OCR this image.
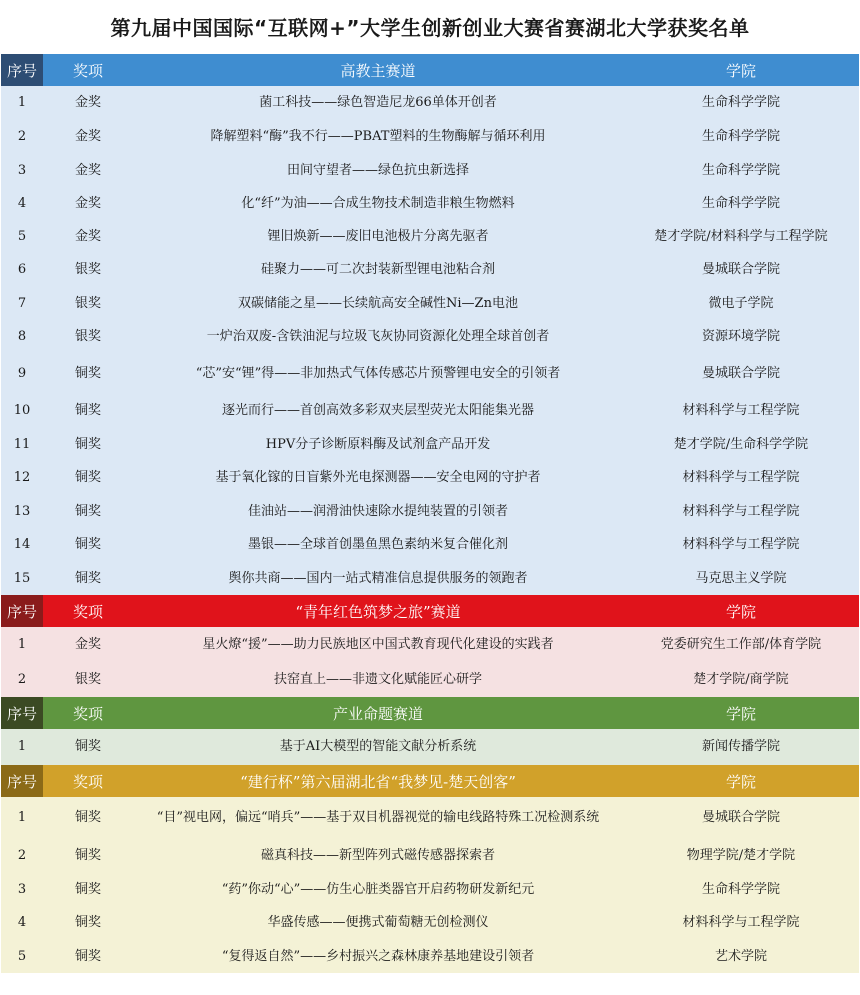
第九届中国国际“互联网+”大学生创新创业大赛省赛湖北大学获奖名单
序号	奖项	高教主赛道	学院
1	金奖	菌工科技——绿色智造尼龙66单体开创者	生命科学学院
2	金奖	降解塑料“酶”我不行——PBAT塑料的生物酶解与循环利用	生命科学学院
3	金奖	田间守望者——绿色抗虫新选择	生命科学学院
4	金奖	化“纤”为油——合成生物技术制造非粮生物燃料	生命科学学院
5	金奖	锂旧焕新——废旧电池极片分离先驱者	楚才学院/材料科学与工程学院
6	银奖	硅聚力——可二次封装新型锂电池粘合剂	曼城联合学院
7	银奖	双碳储能之星——长续航高安全碱性Ni—Zn电池	微电子学院
8	银奖	一炉治双废-含铁油泥与垃圾飞灰协同资源化处理全球首创者	资源环境学院
9	铜奖	“芯”安“锂”得——非加热式气体传感芯片预警锂电安全的引领者	曼城联合学院
10	铜奖	逐光而行——首创高效多彩双夹层型荧光太阳能集光器	材料科学与工程学院
11	铜奖	HPV分子诊断原料酶及试剂盒产品开发	楚才学院/生命科学学院
12	铜奖	基于氧化镓的日盲紫外光电探测器——安全电网的守护者	材料科学与工程学院
13	铜奖	佳油站——润滑油快速除水提纯装置的引领者	材料科学与工程学院
14	铜奖	墨银——全球首创墨鱼黑色素纳米复合催化剂	材料科学与工程学院
15	铜奖	舆你共商——国内一站式精准信息提供服务的领跑者	马克思主义学院
序号	奖项	“青年红色筑梦之旅”赛道	学院
1	金奖	星火燎“援”——助力民族地区中国式教育现代化建设的实践者	党委研究生工作部/体育学院
2	银奖	扶窑直上——非遗文化赋能匠心研学	楚才学院/商学院
序号	奖项	产业命题赛道	学院
1	铜奖	基于AI大模型的智能文献分析系统	新闻传播学院
序号	奖项	“建行杯”第六届湖北省“我梦见-楚天创客”	学院
1	铜奖	“目”视电网，偏远“哨兵”——基于双目机器视觉的输电线路特殊工况检测系统	曼城联合学院
2	铜奖	磁真科技——新型阵列式磁传感器探索者	物理学院/楚才学院
3	铜奖	“药”你动“心”——仿生心脏类器官开启药物研发新纪元	生命科学学院
4	铜奖	华盛传感——便携式葡萄糖无创检测仪	材料科学与工程学院
5	铜奖	“复得返自然”——乡村振兴之森林康养基地建设引领者	艺术学院
